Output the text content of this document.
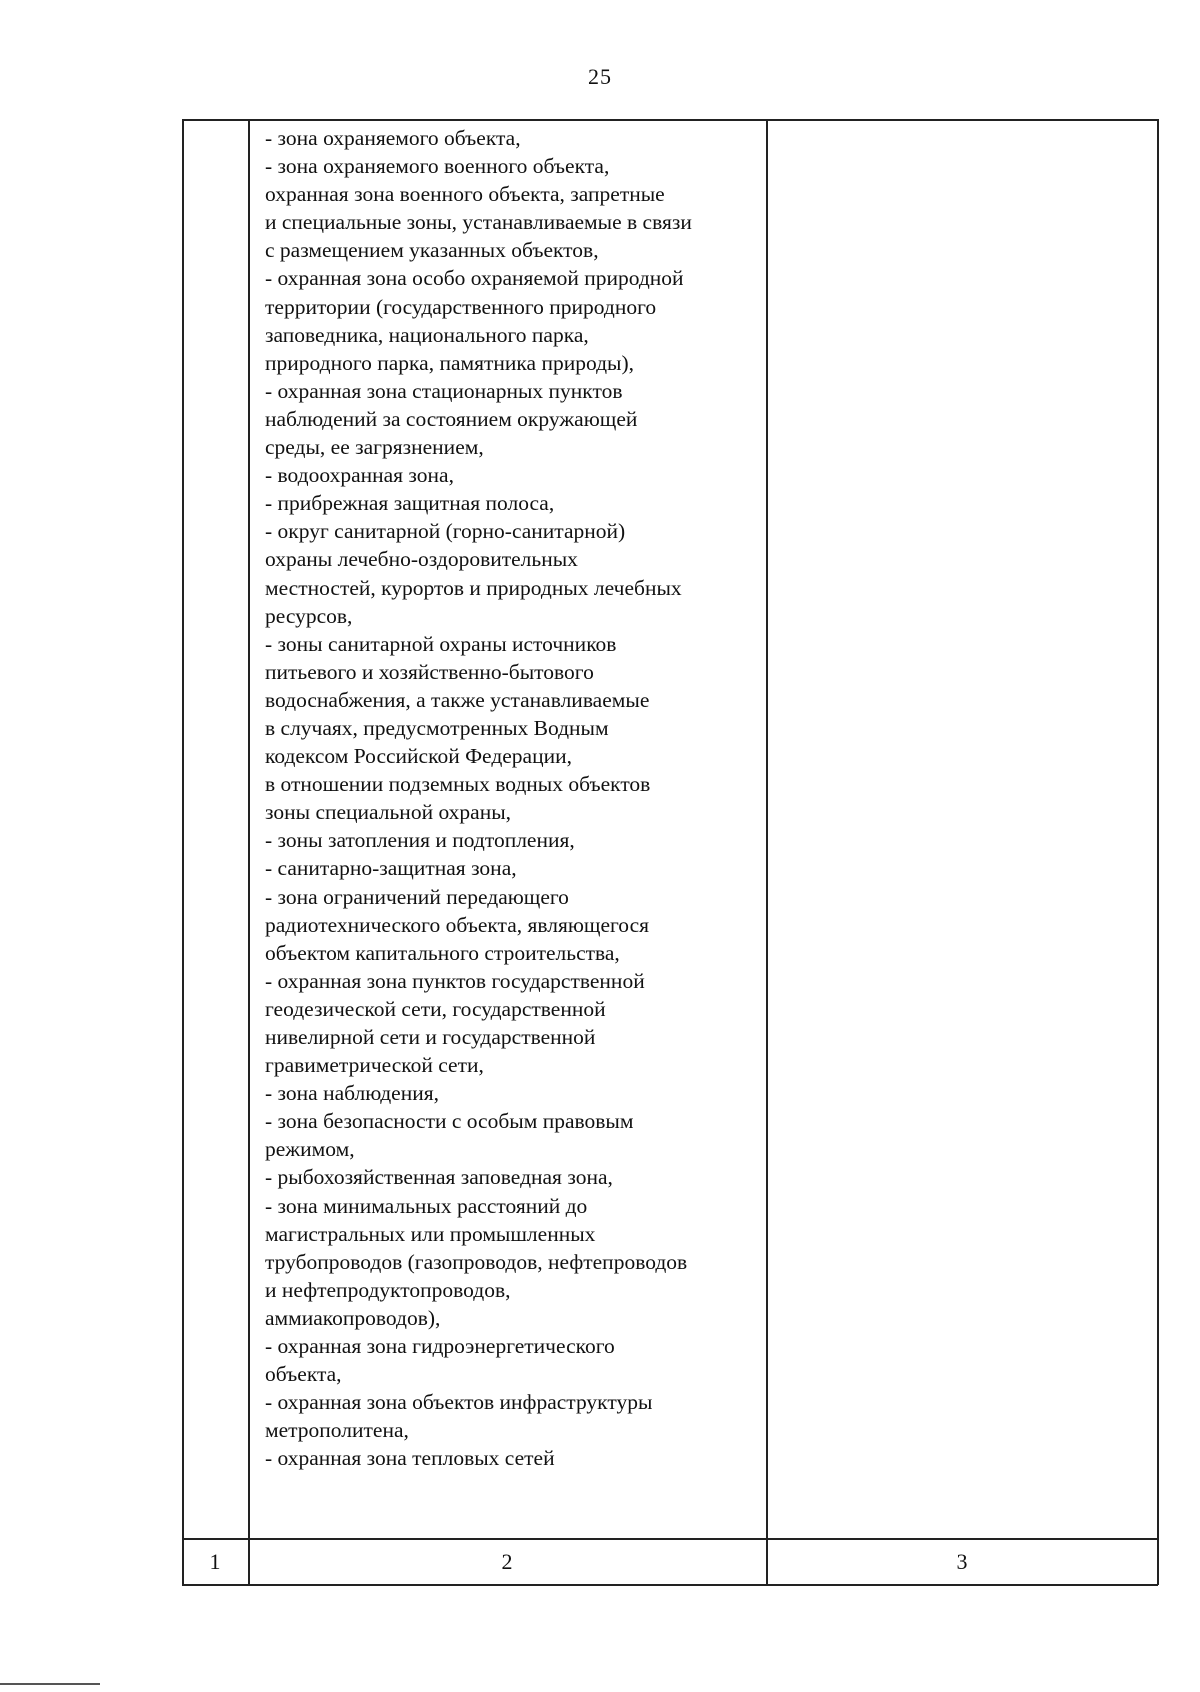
25
- зона охраняемого объекта,
- зона охраняемого военного объекта,
охранная зона военного объекта, запретные
и специальные зоны, устанавливаемые в связи
с размещением указанных объектов,
- охранная зона особо охраняемой природной
территории (государственного природного
заповедника, национального парка,
природного парка, памятника природы),
- охранная зона стационарных пунктов
наблюдений за состоянием окружающей
среды, ее загрязнением,
- водоохранная зона,
- прибрежная защитная полоса,
- округ санитарной (горно-санитарной)
охраны лечебно-оздоровительных
местностей, курортов и природных лечебных
ресурсов,
- зоны санитарной охраны источников
питьевого и хозяйственно-бытового
водоснабжения, а также устанавливаемые
в случаях, предусмотренных Водным
кодексом Российской Федерации,
в отношении подземных водных объектов
зоны специальной охраны,
- зоны затопления и подтопления,
- санитарно-защитная зона,
- зона ограничений передающего
радиотехнического объекта, являющегося
объектом капитального строительства,
- охранная зона пунктов государственной
геодезической сети, государственной
нивелирной сети и государственной
гравиметрической сети,
- зона наблюдения,
- зона безопасности с особым правовым
режимом,
- рыбохозяйственная заповедная зона,
- зона минимальных расстояний до
магистральных или промышленных
трубопроводов (газопроводов, нефтепроводов
и нефтепродуктопроводов,
аммиакопроводов),
- охранная зона гидроэнергетического
объекта,
- охранная зона объектов инфраструктуры
метрополитена,
- охранная зона тепловых сетей
1	2	3
